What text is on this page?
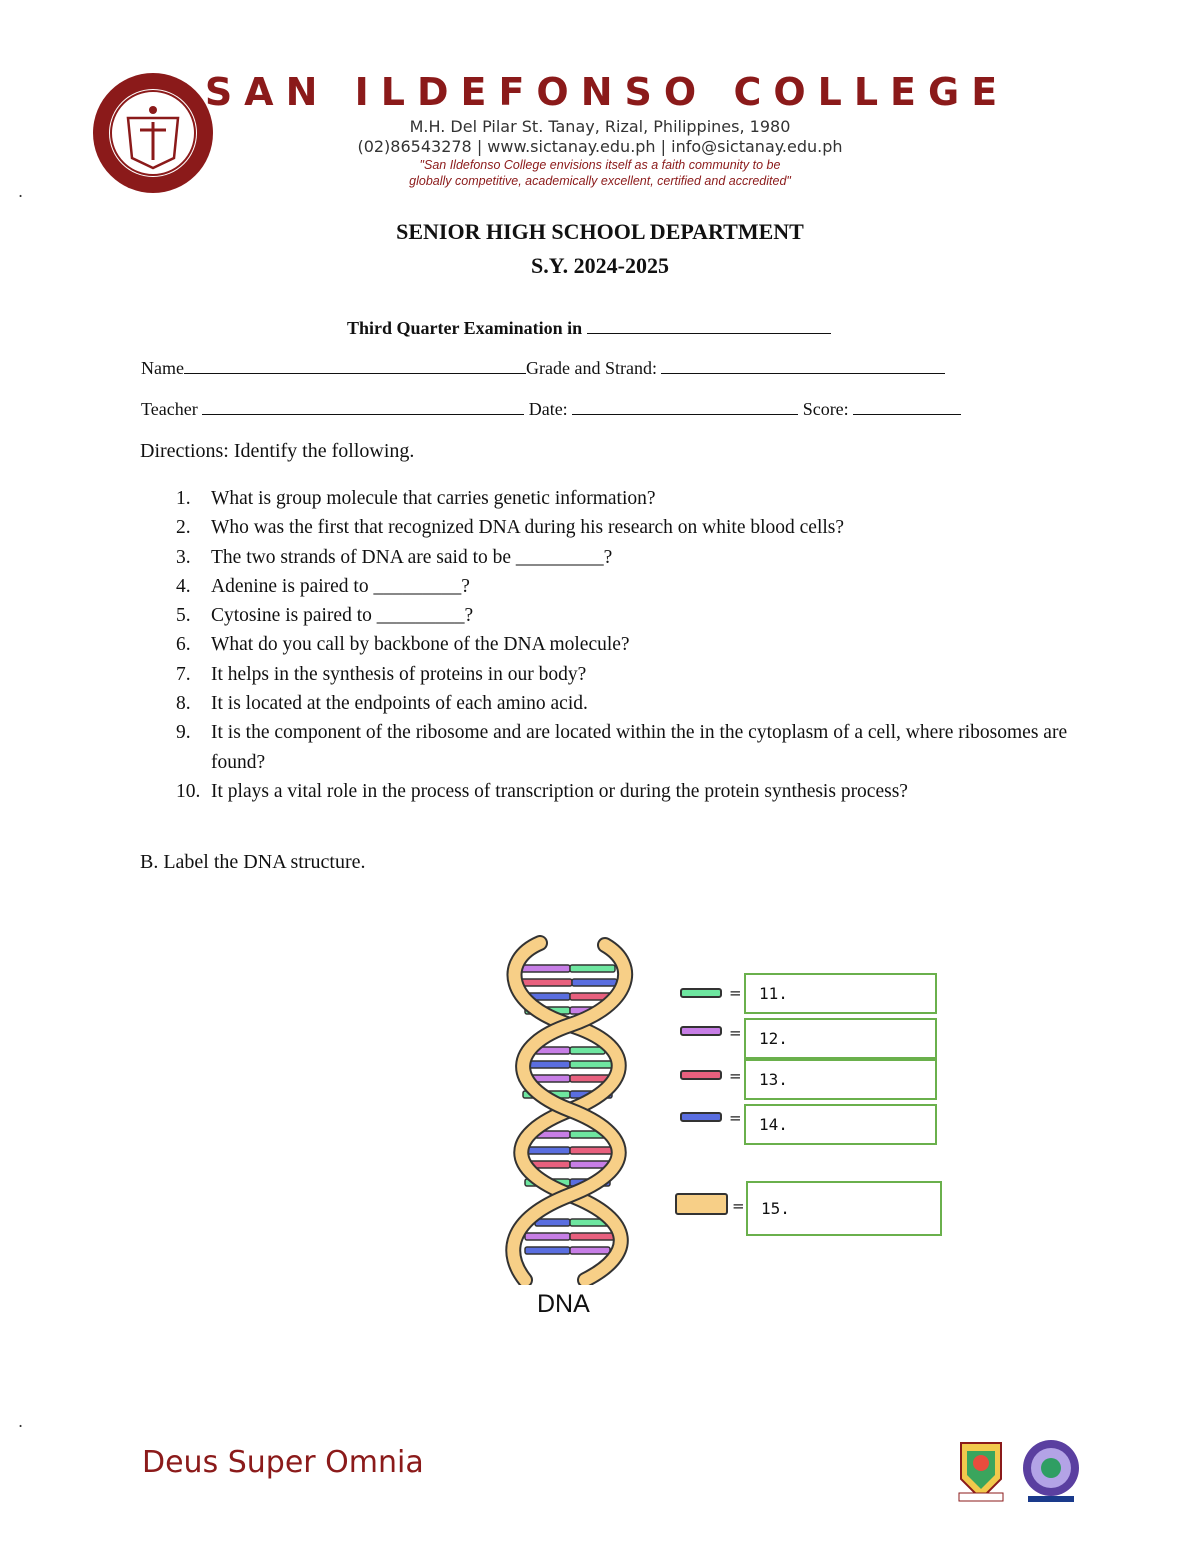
SAN ILDEFONSO COLLEGE
M.H. Del Pilar St. Tanay, Rizal, Philippines, 1980
(02)86543278 | www.sictanay.edu.ph | info@sictanay.edu.ph
"San Ildefonso College envisions itself as a faith community to be
globally competitive, academically excellent, certified and accredited"
.
SENIOR HIGH SCHOOL DEPARTMENT
S.Y. 2024-2025
Third Quarter Examination in
Name	Grade and Strand:
Teacher	Date:	Score:
Directions: Identify the following.
1. What is group molecule that carries genetic information?
2. Who was the first that recognized DNA during his research on white blood cells?
3. The two strands of DNA are said to be _________?
4. Adenine is paired to _________?
5. Cytosine is paired to _________?
6. What do you call by backbone of the DNA molecule?
7. It helps in the synthesis of proteins in our body?
8. It is located at the endpoints of each amino acid.
9. It is the component of the ribosome and are located within the in the cytoplasm of a cell, where ribosomes are found?
10. It plays a vital role in the process of transcription or during the protein synthesis process?
B. Label the DNA structure.
DNA
=	11.
=	12.
=	13.
=	14.
=	15.
.
Deus Super Omnia
